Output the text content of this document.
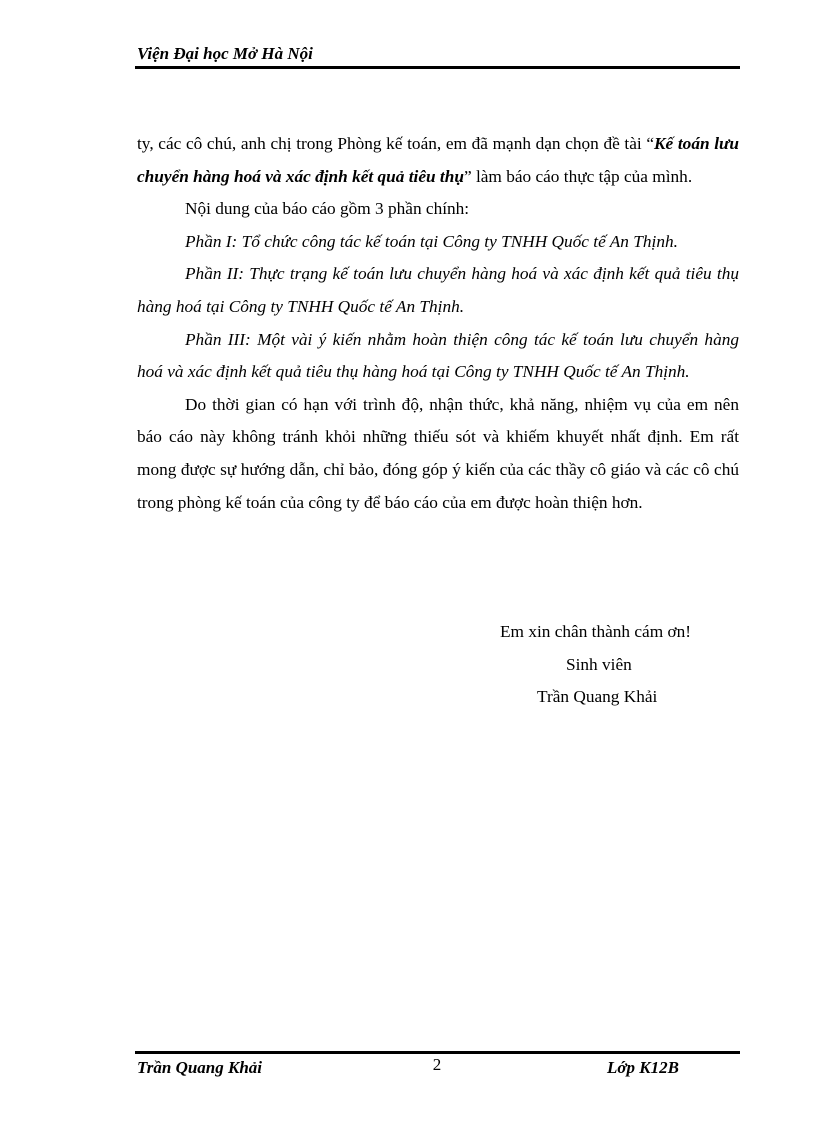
Viện Đại học Mở Hà Nội

ty, các cô chú, anh chị trong Phòng kế toán, em đã mạnh dạn chọn đề tài “Kế toán lưu chuyển hàng hoá và xác định kết quả tiêu thụ” làm báo cáo thực tập của mình.

Nội dung của báo cáo gồm 3 phần chính:

Phần I: Tổ chức công tác kế toán tại Công ty TNHH Quốc tế An Thịnh.

Phần II: Thực trạng kế toán lưu chuyển hàng hoá và xác định kết quả tiêu thụ hàng hoá tại Công ty TNHH Quốc tế An Thịnh.

Phần III: Một vài ý kiến nhằm hoàn thiện công tác kế toán lưu chuyển hàng hoá và xác định kết quả tiêu thụ hàng hoá tại Công ty TNHH Quốc tế An Thịnh.

Do thời gian có hạn với trình độ, nhận thức, khả năng, nhiệm vụ của em nên báo cáo này không tránh khỏi những thiếu sót và khiếm khuyết nhất định. Em rất mong được sự hướng dẫn, chỉ bảo, đóng góp ý kiến của các thầy cô giáo và các cô chú trong phòng kế toán của công ty để báo cáo của em được hoàn thiện hơn.

Em xin chân thành cám ơn!
Sinh viên
Trần Quang Khải
Trần Quang Khải	2	Lớp K12B
